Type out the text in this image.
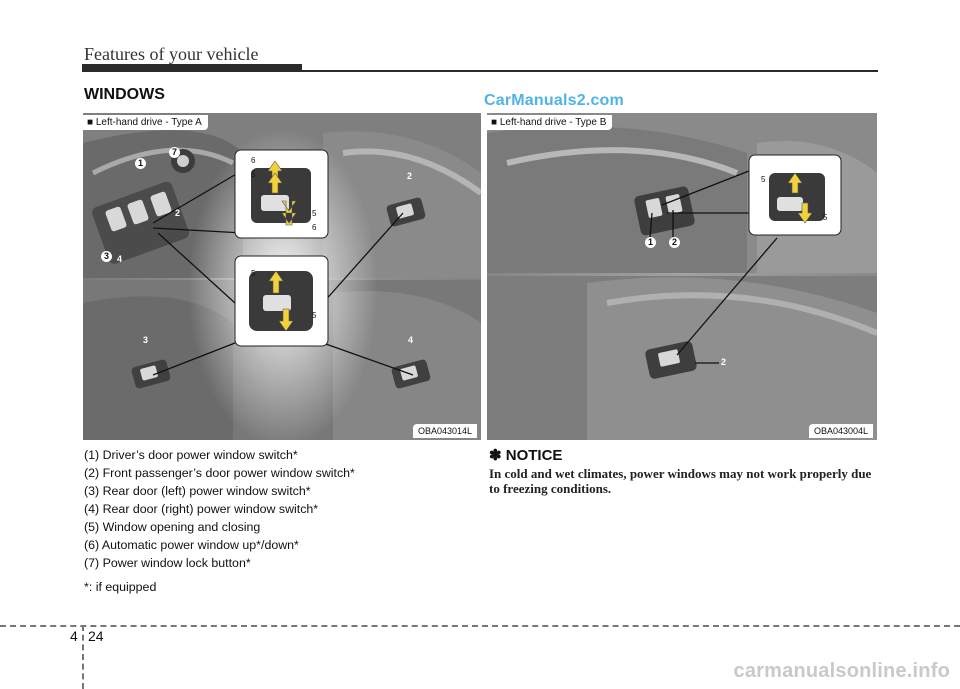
Features of your vehicle
WINDOWS	CarManuals2.com
1
7
2
3 4
2
3	4
6
5
5
6
5
5
■ Left-hand drive - Type A
OBA043014L
1	2
2
5
5
■ Left-hand drive - Type B
OBA043004L
(1) Driver’s door power window switch*
(2) Front passenger’s door power window switch*
(3) Rear door (left) power window switch*
(4) Rear door (right) power window switch*
(5) Window opening and closing
(6) Automatic power window up*/down*
(7) Power window lock button*
*: if equipped
✽ NOTICE
In cold and wet climates, power windows may not work properly due to freezing conditions.
4 24
carmanualsonline.info
